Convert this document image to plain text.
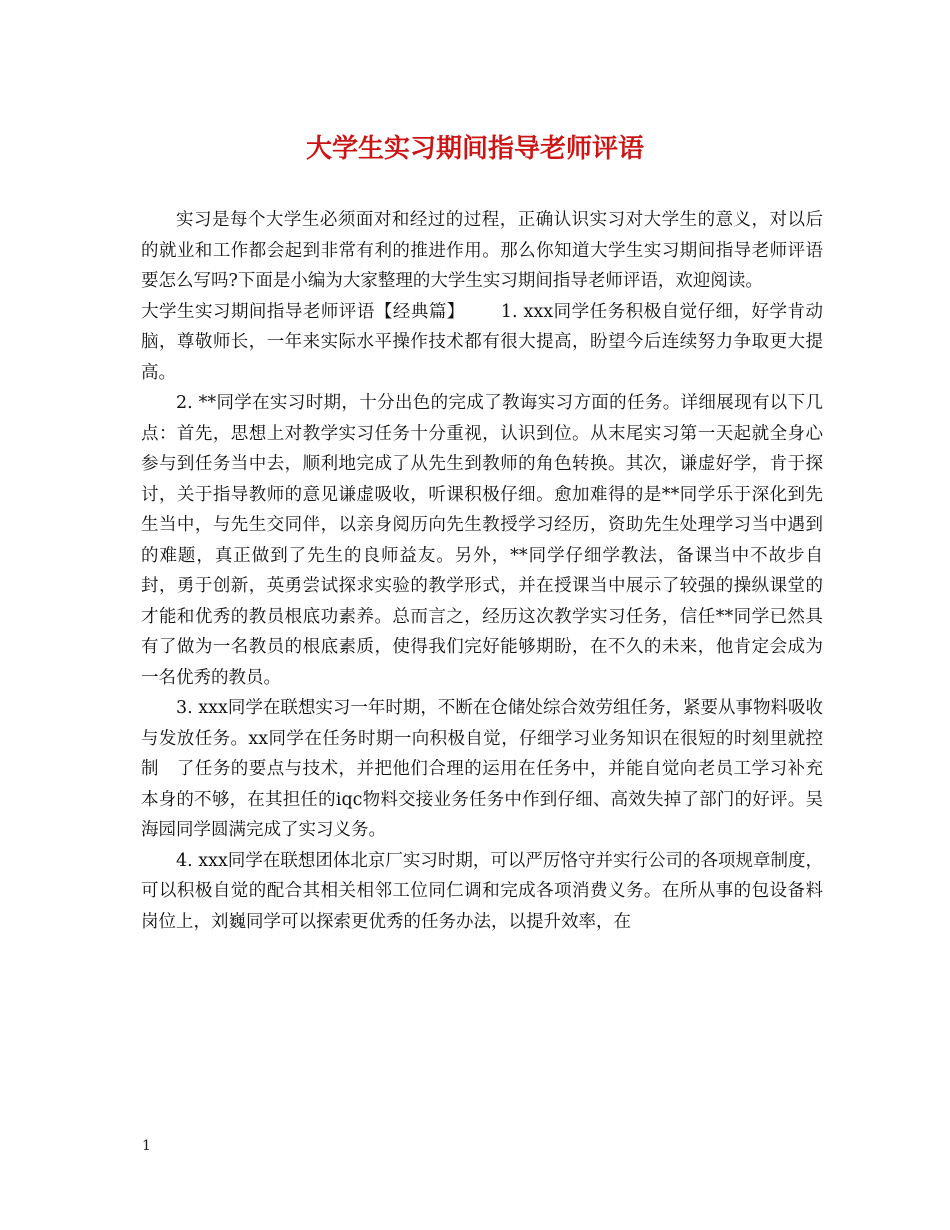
大学生实习期间指导老师评语

实习是每个大学生必须面对和经过的过程，正确认识实习对大学生的意义，对以后的就业和工作都会起到非常有利的推进作用。那么你知道大学生实习期间指导老师评语要怎么写吗?下面是小编为大家整理的大学生实习期间指导老师评语，欢迎阅读。

大学生实习期间指导老师评语【经典篇】 1. xxx同学任务积极自觉仔细，好学肯动脑，尊敬师长，一年来实际水平操作技术都有很大提高，盼望今后连续努力争取更大提高。

2. **同学在实习时期，十分出色的完成了教诲实习方面的任务。详细展现有以下几点：首先，思想上对教学实习任务十分重视，认识到位。从末尾实习第一天起就全身心参与到任务当中去，顺利地完成了从先生到教师的角色转换。其次，谦虚好学，肯于探讨，关于指导教师的意见谦虚吸收，听课积极仔细。愈加难得的是**同学乐于深化到先生当中，与先生交同伴，以亲身阅历向先生教授学习经历，资助先生处理学习当中遇到的难题，真正做到了先生的良师益友。另外，**同学仔细学教法，备课当中不故步自封，勇于创新，英勇尝试探求实验的教学形式，并在授课当中展示了较强的操纵课堂的才能和优秀的教员根底功素养。总而言之，经历这次教学实习任务，信任**同学已然具有了做为一名教员的根底素质，使得我们完好能够期盼，在不久的未来，他肯定会成为一名优秀的教员。

3. xxx同学在联想实习一年时期，不断在仓储处综合效劳组任务，紧要从事物料吸收与发放任务。xx同学在任务时期一向积极自觉，仔细学习业务知识在很短的时刻里就控制　了任务的要点与技术，并把他们合理的运用在任务中，并能自觉向老员工学习补充本身的不够，在其担任的iqc物料交接业务任务中作到仔细、高效失掉了部门的好评。吴海园同学圆满完成了实习义务。

4. xxx同学在联想团体北京厂实习时期，可以严厉恪守并实行公司的各项规章制度，可以积极自觉的配合其相关相邻工位同仁调和完成各项消费义务。在所从事的包设备料岗位上，刘巍同学可以探索更优秀的任务办法，以提升效率，在

1
